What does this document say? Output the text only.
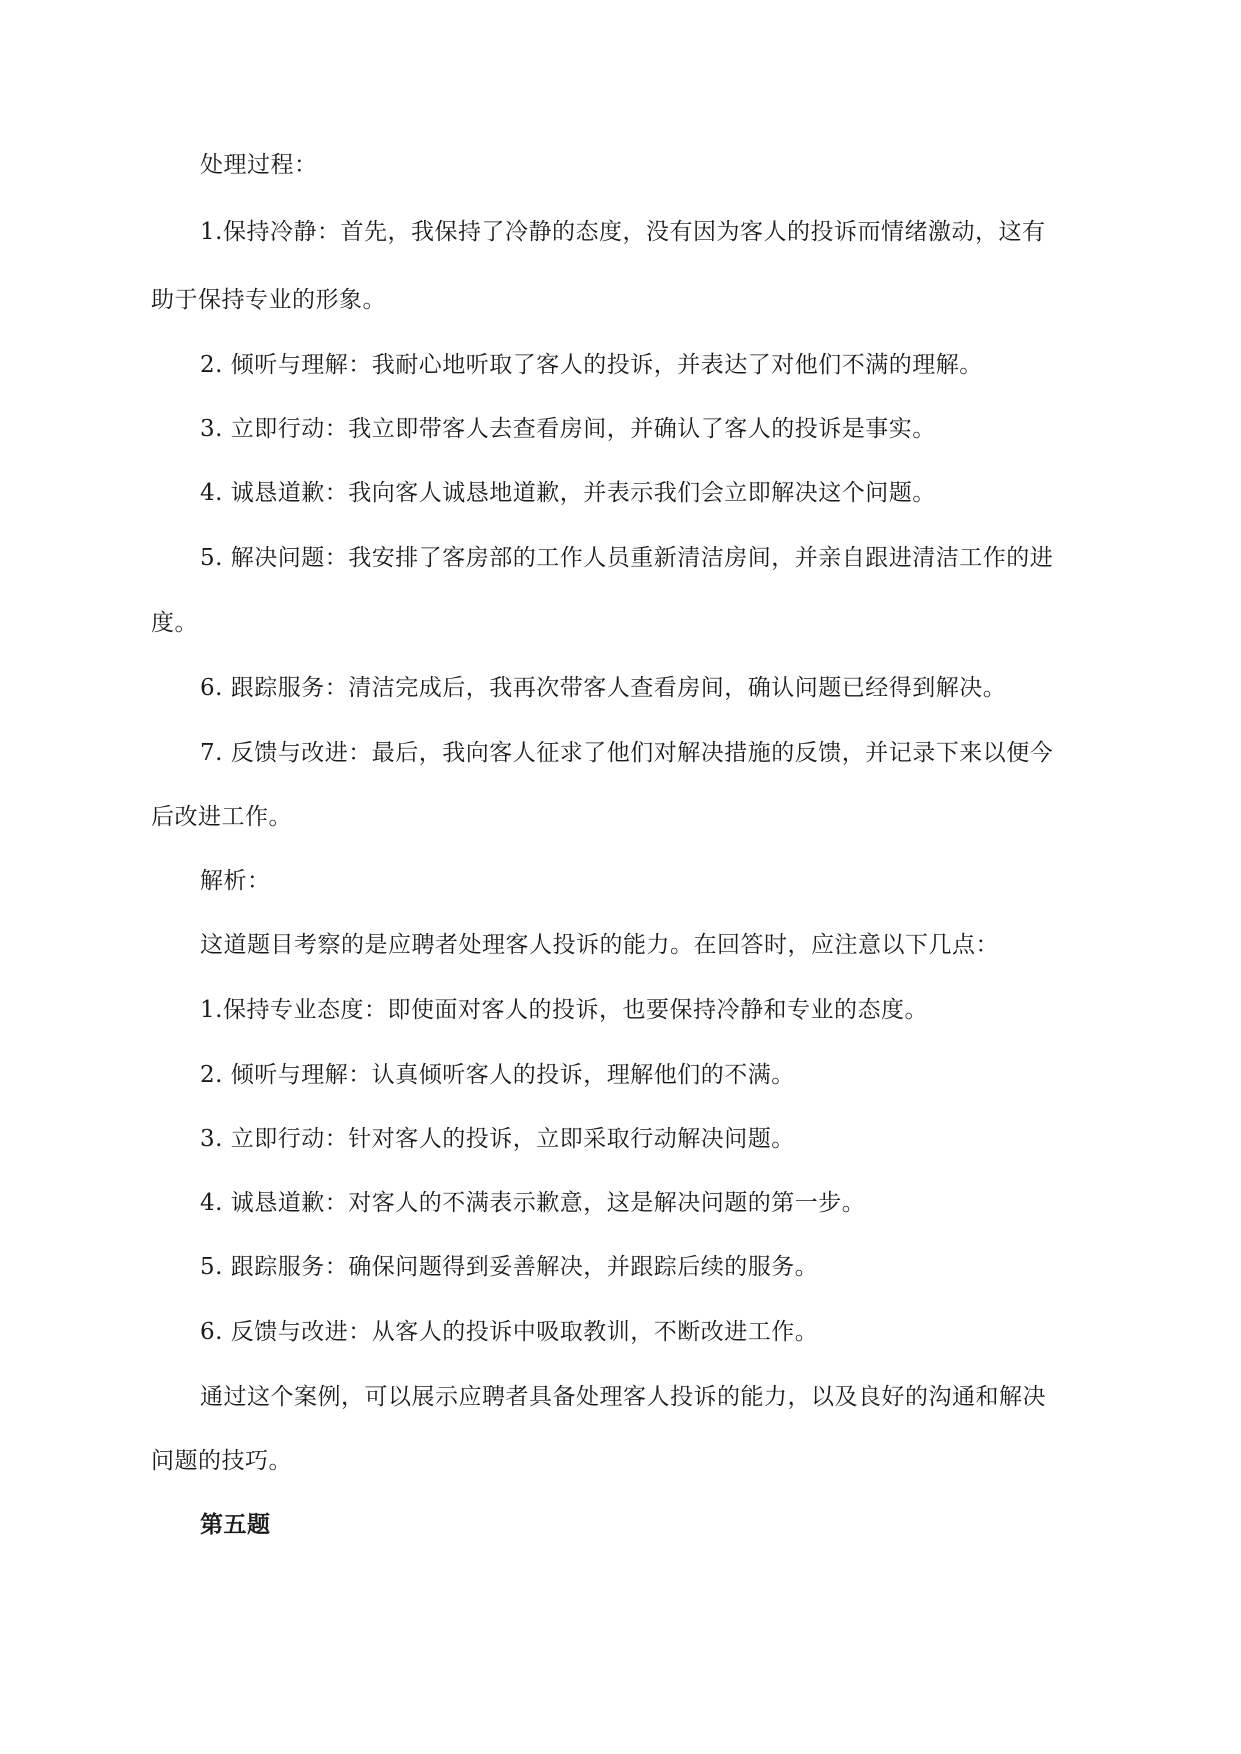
处理过程：
1.保持冷静：首先，我保持了冷静的态度，没有因为客人的投诉而情绪激动，这有
助于保持专业的形象。
2. 倾听与理解：我耐心地听取了客人的投诉，并表达了对他们不满的理解。
3. 立即行动：我立即带客人去查看房间，并确认了客人的投诉是事实。
4. 诚恳道歉：我向客人诚恳地道歉，并表示我们会立即解决这个问题。
5. 解决问题：我安排了客房部的工作人员重新清洁房间，并亲自跟进清洁工作的进
度。
6. 跟踪服务：清洁完成后，我再次带客人查看房间，确认问题已经得到解决。
7. 反馈与改进：最后，我向客人征求了他们对解决措施的反馈，并记录下来以便今
后改进工作。
解析：
这道题目考察的是应聘者处理客人投诉的能力。在回答时，应注意以下几点：
1.保持专业态度：即使面对客人的投诉，也要保持冷静和专业的态度。
2. 倾听与理解：认真倾听客人的投诉，理解他们的不满。
3. 立即行动：针对客人的投诉，立即采取行动解决问题。
4. 诚恳道歉：对客人的不满表示歉意，这是解决问题的第一步。
5. 跟踪服务：确保问题得到妥善解决，并跟踪后续的服务。
6. 反馈与改进：从客人的投诉中吸取教训，不断改进工作。
通过这个案例，可以展示应聘者具备处理客人投诉的能力，以及良好的沟通和解决
问题的技巧。
第五题
